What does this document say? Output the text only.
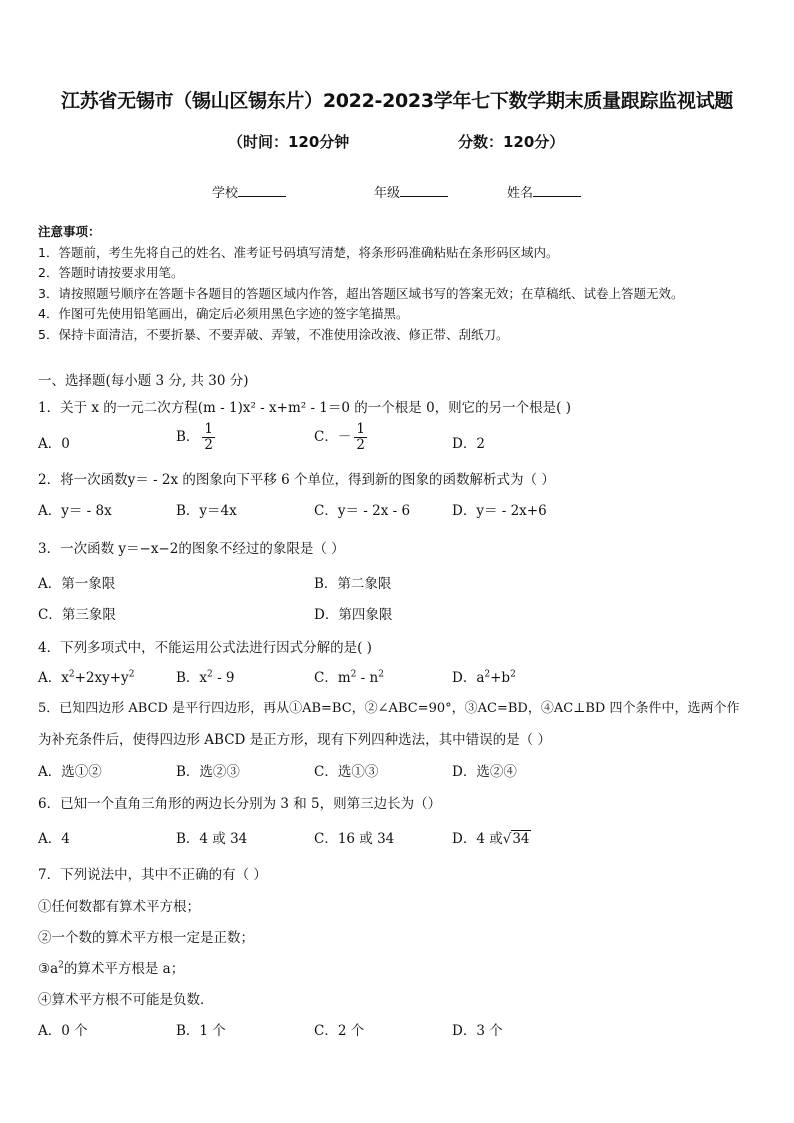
江苏省无锡市（锡山区锡东片）2022-2023学年七下数学期末质量跟踪监视试题
（时间：120分钟	分数：120分）
学校	年级	姓名
注意事项：
1．答题前，考生先将自己的姓名、准考证号码填写清楚，将条形码准确粘贴在条形码区域内。
2．答题时请按要求用笔。
3．请按照题号顺序在答题卡各题目的答题区域内作答，超出答题区域书写的答案无效；在草稿纸、试卷上答题无效。
4．作图可先使用铅笔画出，确定后必须用黑色字迹的签字笔描黑。
5．保持卡面清洁，不要折暴、不要弄破、弄皱，不准使用涂改液、修正带、刮纸刀。
一、选择题(每小题 3 分, 共 30 分)
1．关于 x 的一元二次方程(m - 1)x² - x+m² - 1＝0 的一个根是 0，则它的另一个根是( )
A．0	B． $\frac{1}{2}$	C．－ $\frac{1}{2}$	D．2
2．将一次函数y＝ - 2x 的图象向下平移 6 个单位，得到新的图象的函数解析式为（ ）
A．y＝ - 8x	B．y＝4x	C．y＝ - 2x - 6	D．y＝ - 2x+6
3．一次函数 y＝−x−2的图象不经过的象限是（ ）
A．第一象限	B．第二象限
C．第三象限	D．第四象限
4．下列多项式中，不能运用公式法进行因式分解的是( )
A．$x^2+2xy+y^2$	B．$x^2 - 9$	C．$m^2 - n^2$	D．$a^2+b^2$
5．已知四边形 ABCD 是平行四边形，再从①AB=BC，②∠ABC=90°，③AC=BD，④AC⊥BD 四个条件中，选两个作
为补充条件后，使得四边形 ABCD 是正方形，现有下列四种选法，其中错误的是（ ）
A．选①②	B．选②③	C．选①③	D．选②④
6．已知一个直角三角形的两边长分别为 3 和 5，则第三边长为（）
A．4	B．4 或 34	C．16 或 34	D．4 或√34
7．下列说法中，其中不正确的有（ ）
①任何数都有算术平方根；
②一个数的算术平方根一定是正数；
$③a^2$的算术平方根是 a；
④算术平方根不可能是负数．
A．0 个	B．1 个	C．2 个	D．3 个
